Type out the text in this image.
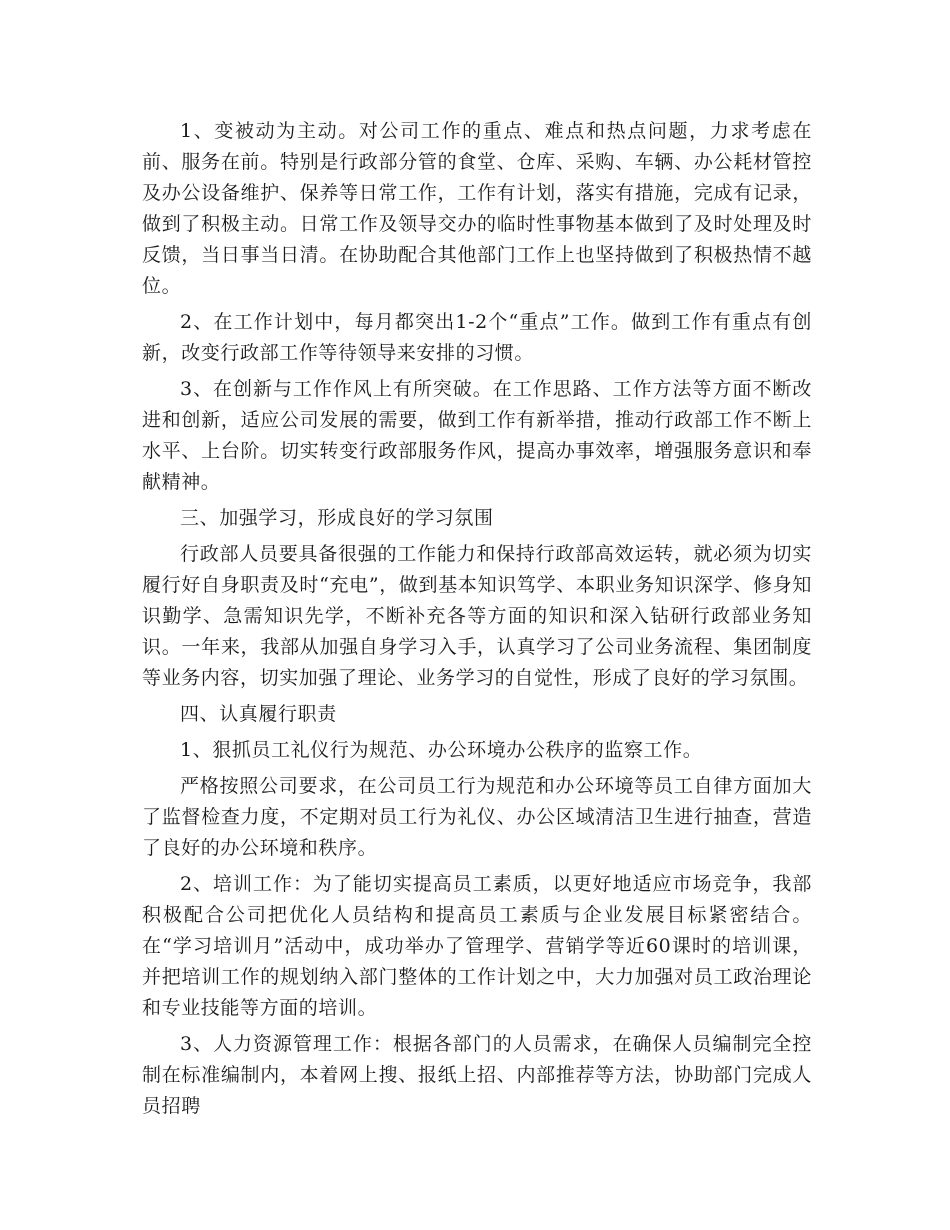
1、变被动为主动。对公司工作的重点、难点和热点问题，力求考虑在前、服务在前。特别是行政部分管的食堂、仓库、采购、车辆、办公耗材管控及办公设备维护、保养等日常工作，工作有计划，落实有措施，完成有记录，做到了积极主动。日常工作及领导交办的临时性事物基本做到了及时处理及时反馈，当日事当日清。在协助配合其他部门工作上也坚持做到了积极热情不越位。

2、在工作计划中，每月都突出1-2个“重点”工作。做到工作有重点有创新，改变行政部工作等待领导来安排的习惯。

3、在创新与工作作风上有所突破。在工作思路、工作方法等方面不断改进和创新，适应公司发展的需要，做到工作有新举措，推动行政部工作不断上水平、上台阶。切实转变行政部服务作风，提高办事效率，增强服务意识和奉献精神。

三、加强学习，形成良好的学习氛围

行政部人员要具备很强的工作能力和保持行政部高效运转，就必须为切实履行好自身职责及时“充电”，做到基本知识笃学、本职业务知识深学、修身知识勤学、急需知识先学，不断补充各等方面的知识和深入钻研行政部业务知识。一年来，我部从加强自身学习入手，认真学习了公司业务流程、集团制度等业务内容，切实加强了理论、业务学习的自觉性，形成了良好的学习氛围。

四、认真履行职责

1、狠抓员工礼仪行为规范、办公环境办公秩序的监察工作。

严格按照公司要求，在公司员工行为规范和办公环境等员工自律方面加大了监督检查力度，不定期对员工行为礼仪、办公区域清洁卫生进行抽查，营造了良好的办公环境和秩序。

2、培训工作：为了能切实提高员工素质，以更好地适应市场竞争，我部积极配合公司把优化人员结构和提高员工素质与企业发展目标紧密结合。在“学习培训月”活动中，成功举办了管理学、营销学等近60课时的培训课，并把培训工作的规划纳入部门整体的工作计划之中，大力加强对员工政治理论和专业技能等方面的培训。

3、人力资源管理工作：根据各部门的人员需求，在确保人员编制完全控制在标准编制内，本着网上搜、报纸上招、内部推荐等方法，协助部门完成人员招聘
